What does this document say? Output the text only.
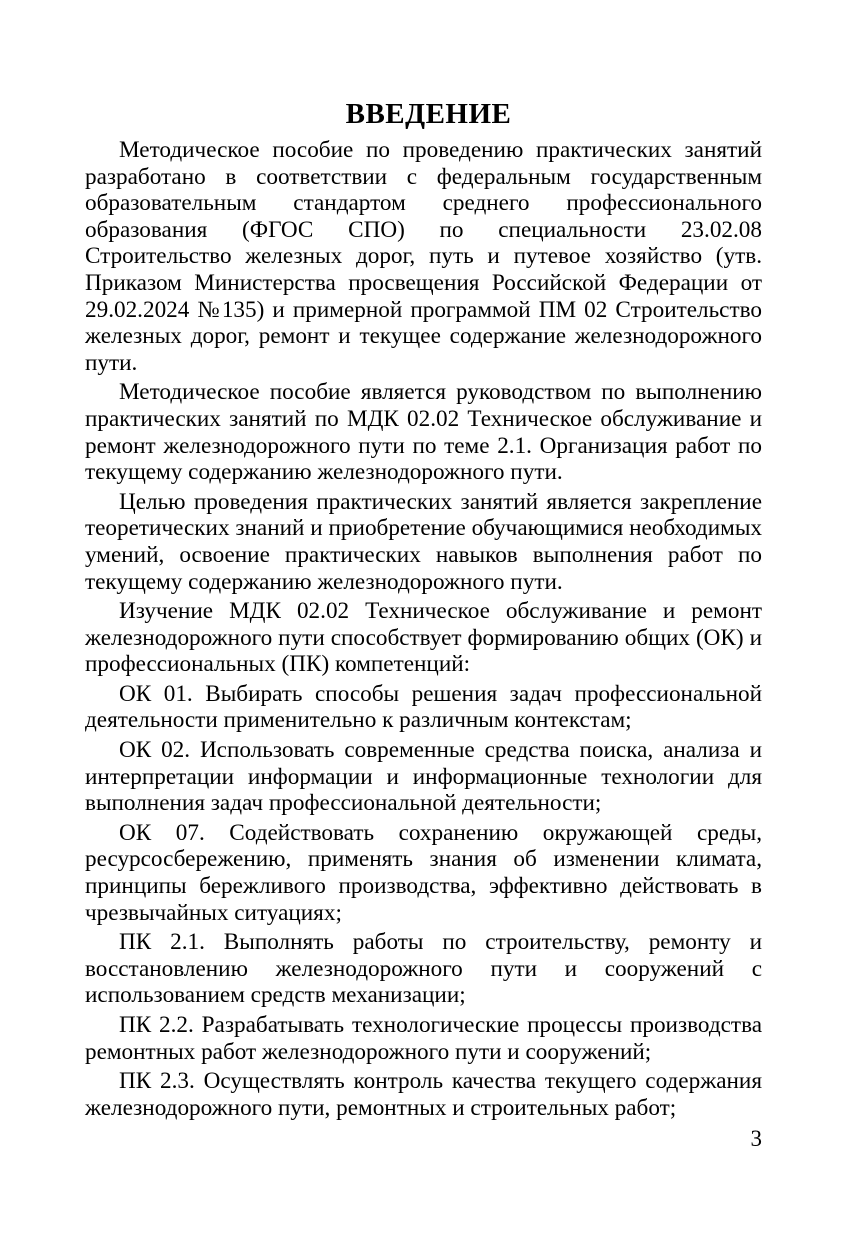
ВВЕДЕНИЕ

Методическое пособие по проведению практических занятий разработано в соответствии с федеральным государственным образовательным стандартом среднего профессионального образования (ФГОС СПО) по специальности 23.02.08 Строительство железных дорог, путь и путевое хозяйство (утв. Приказом Министерства просвещения Российской Федерации от 29.02.2024 №135) и примерной программой ПМ 02 Строительство железных дорог, ремонт и текущее содержание железнодорожного пути.

Методическое пособие является руководством по выполнению практических занятий по МДК 02.02 Техническое обслуживание и ремонт железнодорожного пути по теме 2.1. Организация работ по текущему содержанию железнодорожного пути.

Целью проведения практических занятий является закрепление теоретических знаний и приобретение обучающимися необходимых умений, освоение практических навыков выполнения работ по текущему содержанию железнодорожного пути.

Изучение МДК 02.02 Техническое обслуживание и ремонт железнодорожного пути способствует формированию общих (ОК) и профессиональных (ПК) компетенций:

ОК 01. Выбирать способы решения задач профессиональной деятельности применительно к различным контекстам;

ОК 02. Использовать современные средства поиска, анализа и интерпретации информации и информационные технологии для выполнения задач профессиональной деятельности;

ОК 07. Содействовать сохранению окружающей среды, ресурсосбережению, применять знания об изменении климата, принципы бережливого производства, эффективно действовать в чрезвычайных ситуациях;

ПК 2.1. Выполнять работы по строительству, ремонту и восстановлению железнодорожного пути и сооружений с использованием средств механизации;

ПК 2.2. Разрабатывать технологические процессы производства ремонтных работ железнодорожного пути и сооружений;

ПК 2.3. Осуществлять контроль качества текущего содержания железнодорожного пути, ремонтных и строительных работ;

3
